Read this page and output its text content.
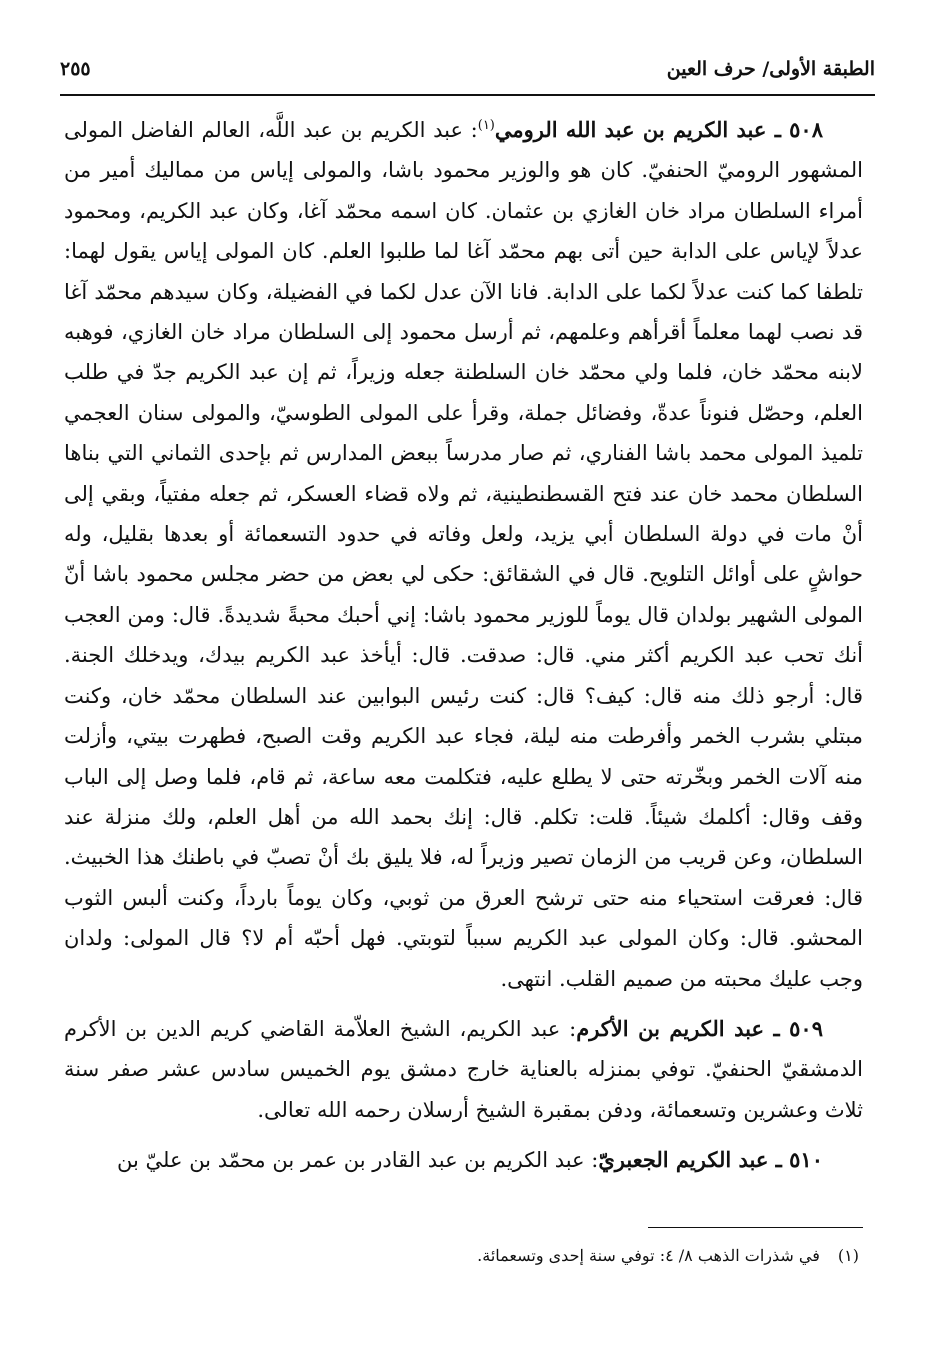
الطبقة الأولى/ حرف العين
٢٥٥

٥٠٨ ـ عبد الكريم بن عبد الله الرومي$^{(١)}$: عبد الكريم بن عبد اللَّه، العالم الفاضل المولى المشهور الروميّ الحنفيّ. كان هو والوزير محمود باشا، والمولى إياس من مماليك أمير من أمراء السلطان مراد خان الغازي بن عثمان. كان اسمه محمّد آغا، وكان عبد الكريم، ومحمود عدلاً لإياس على الدابة حين أتى بهم محمّد آغا لما طلبوا العلم. كان المولى إياس يقول لهما: تلطفا كما كنت عدلاً لكما على الدابة. فانا الآن عدل لكما في الفضيلة، وكان سيدهم محمّد آغا قد نصب لهما معلماً أقرأهم وعلمهم، ثم أرسل محمود إلى السلطان مراد خان الغازي، فوهبه لابنه محمّد خان، فلما ولي محمّد خان السلطنة جعله وزيراً، ثم إن عبد الكريم جدّ في طلب العلم، وحصّل فنوناً عدةّ، وفضائل جملة، وقرأ على المولى الطوسيّ، والمولى سنان العجمي تلميذ المولى محمد باشا الفناري، ثم صار مدرساً ببعض المدارس ثم بإحدى الثماني التي بناها السلطان محمد خان عند فتح القسطنطينية، ثم ولاه قضاء العسكر، ثم جعله مفتياً، وبقي إلى أنْ مات في دولة السلطان أبي يزيد، ولعل وفاته في حدود التسعمائة أو بعدها بقليل، وله حواشٍ على أوائل التلويح. قال في الشقائق: حكى لي بعض من حضر مجلس محمود باشا أنّ المولى الشهير بولدان قال يوماً للوزير محمود باشا: إني أحبك محبةً شديدةً. قال: ومن العجب أنك تحب عبد الكريم أكثر مني. قال: صدقت. قال: أيأخذ عبد الكريم بيدك، ويدخلك الجنة. قال: أرجو ذلك منه قال: كيف؟ قال: كنت رئيس البوابين عند السلطان محمّد خان، وكنت مبتلي بشرب الخمر وأفرطت منه ليلة، فجاء عبد الكريم وقت الصبح، فطهرت بيتي، وأزلت منه آلات الخمر وبخّرته حتى لا يطلع عليه، فتكلمت معه ساعة، ثم قام، فلما وصل إلى الباب وقف وقال: أكلمك شيئاً. قلت: تكلم. قال: إنك بحمد الله من أهل العلم، ولك منزلة عند السلطان، وعن قريب من الزمان تصير وزيراً له، فلا يليق بك أنْ تصبّ في باطنك هذا الخبيث. قال: فعرقت استحياء منه حتى ترشح العرق من ثوبي، وكان يوماً بارداً، وكنت ألبس الثوب المحشو. قال: وكان المولى عبد الكريم سبباً لتوبتي. فهل أحبّه أم لا؟ قال المولى: ولدان وجب عليك محبته من صميم القلب. انتهى.

٥٠٩ ـ عبد الكريم بن الأكرم: عبد الكريم، الشيخ العلاّمة القاضي كريم الدين بن الأكرم الدمشقيّ الحنفيّ. توفي بمنزله بالعناية خارج دمشق يوم الخميس سادس عشر صفر سنة ثلاث وعشرين وتسعمائة، ودفن بمقبرة الشيخ أرسلان رحمه الله تعالى.

٥١٠ ـ عبد الكريم الجعبريّ: عبد الكريم بن عبد القادر بن عمر بن محمّد بن عليّ بن

(١)في شذرات الذهب ٨/ ٤: توفي سنة إحدى وتسعمائة.
